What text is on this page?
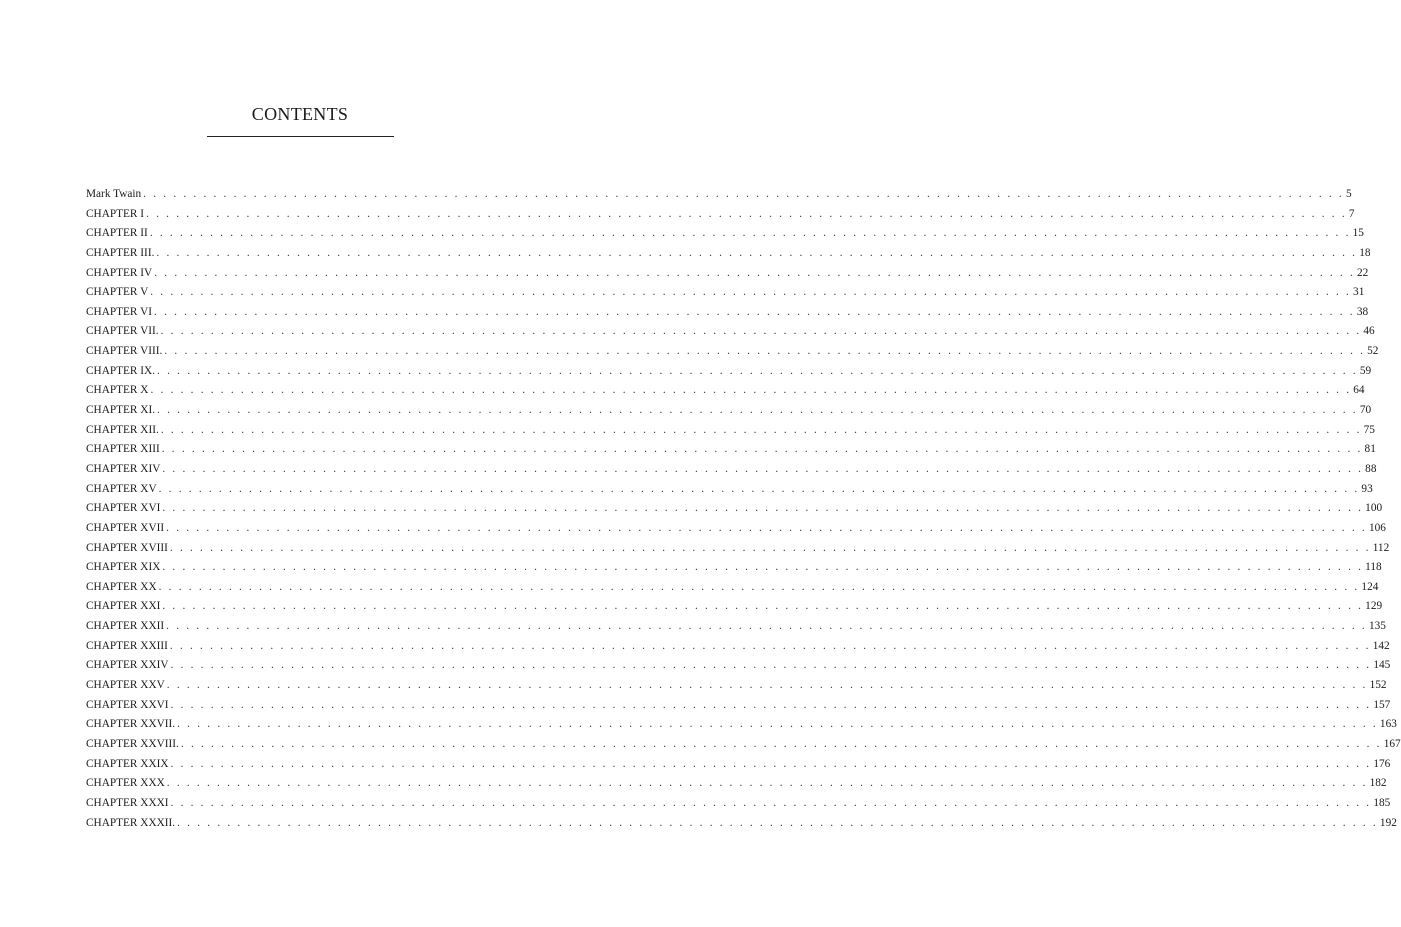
CONTENTS
Mark Twain . . . . . . . . . . . . . . . . . . . . . . . . . . . . . . . . . . . . . . . . . . . . . . . . . . . . . . . . . . . . . . . . . . . . . . . . . . . . . . . . . . . . . . . . . . . . . . . . . . . . . . . . . . . . . . . . . . . . . . . . 5
CHAPTER I . . . . . . . . . . . . . . . . . . . . . . . . . . . . . . . . . . . . . . . . . . . . . . . . . . . . . . . . . . . . . . . . . . . . . . . . . . . . . . . . . . . . . . . . . . . . . . . . . . . . . . . . . . . . . . . . . . . . . . . . 7
CHAPTER II . . . . . . . . . . . . . . . . . . . . . . . . . . . . . . . . . . . . . . . . . . . . . . . . . . . . . . . . . . . . . . . . . . . . . . . . . . . . . . . . . . . . . . . . . . . . . . . . . . . . . . . . . . . . . . . . . . . . . . . . 15
CHAPTER III. . . . . . . . . . . . . . . . . . . . . . . . . . . . . . . . . . . . . . . . . . . . . . . . . . . . . . . . . . . . . . . . . . . . . . . . . . . . . . . . . . . . . . . . . . . . . . . . . . . . . . . . . . . . . . . . . . . . . . . . . 18
CHAPTER IV . . . . . . . . . . . . . . . . . . . . . . . . . . . . . . . . . . . . . . . . . . . . . . . . . . . . . . . . . . . . . . . . . . . . . . . . . . . . . . . . . . . . . . . . . . . . . . . . . . . . . . . . . . . . . . . . . . . . . . . . 22
CHAPTER V . . . . . . . . . . . . . . . . . . . . . . . . . . . . . . . . . . . . . . . . . . . . . . . . . . . . . . . . . . . . . . . . . . . . . . . . . . . . . . . . . . . . . . . . . . . . . . . . . . . . . . . . . . . . . . . . . . . . . . . . 31
CHAPTER VI . . . . . . . . . . . . . . . . . . . . . . . . . . . . . . . . . . . . . . . . . . . . . . . . . . . . . . . . . . . . . . . . . . . . . . . . . . . . . . . . . . . . . . . . . . . . . . . . . . . . . . . . . . . . . . . . . . . . . . . . 38
CHAPTER VII. . . . . . . . . . . . . . . . . . . . . . . . . . . . . . . . . . . . . . . . . . . . . . . . . . . . . . . . . . . . . . . . . . . . . . . . . . . . . . . . . . . . . . . . . . . . . . . . . . . . . . . . . . . . . . . . . . . . . . . . . 46
CHAPTER VIII. . . . . . . . . . . . . . . . . . . . . . . . . . . . . . . . . . . . . . . . . . . . . . . . . . . . . . . . . . . . . . . . . . . . . . . . . . . . . . . . . . . . . . . . . . . . . . . . . . . . . . . . . . . . . . . . . . . . . . . . . 52
CHAPTER IX. . . . . . . . . . . . . . . . . . . . . . . . . . . . . . . . . . . . . . . . . . . . . . . . . . . . . . . . . . . . . . . . . . . . . . . . . . . . . . . . . . . . . . . . . . . . . . . . . . . . . . . . . . . . . . . . . . . . . . . . . 59
CHAPTER X . . . . . . . . . . . . . . . . . . . . . . . . . . . . . . . . . . . . . . . . . . . . . . . . . . . . . . . . . . . . . . . . . . . . . . . . . . . . . . . . . . . . . . . . . . . . . . . . . . . . . . . . . . . . . . . . . . . . . . . . 64
CHAPTER XI. . . . . . . . . . . . . . . . . . . . . . . . . . . . . . . . . . . . . . . . . . . . . . . . . . . . . . . . . . . . . . . . . . . . . . . . . . . . . . . . . . . . . . . . . . . . . . . . . . . . . . . . . . . . . . . . . . . . . . . . . 70
CHAPTER XII. . . . . . . . . . . . . . . . . . . . . . . . . . . . . . . . . . . . . . . . . . . . . . . . . . . . . . . . . . . . . . . . . . . . . . . . . . . . . . . . . . . . . . . . . . . . . . . . . . . . . . . . . . . . . . . . . . . . . . . . . 75
CHAPTER XIII . . . . . . . . . . . . . . . . . . . . . . . . . . . . . . . . . . . . . . . . . . . . . . . . . . . . . . . . . . . . . . . . . . . . . . . . . . . . . . . . . . . . . . . . . . . . . . . . . . . . . . . . . . . . . . . . . . . . . . . . 81
CHAPTER XIV . . . . . . . . . . . . . . . . . . . . . . . . . . . . . . . . . . . . . . . . . . . . . . . . . . . . . . . . . . . . . . . . . . . . . . . . . . . . . . . . . . . . . . . . . . . . . . . . . . . . . . . . . . . . . . . . . . . . . . . . 88
CHAPTER XV . . . . . . . . . . . . . . . . . . . . . . . . . . . . . . . . . . . . . . . . . . . . . . . . . . . . . . . . . . . . . . . . . . . . . . . . . . . . . . . . . . . . . . . . . . . . . . . . . . . . . . . . . . . . . . . . . . . . . . . . 93
CHAPTER XVI . . . . . . . . . . . . . . . . . . . . . . . . . . . . . . . . . . . . . . . . . . . . . . . . . . . . . . . . . . . . . . . . . . . . . . . . . . . . . . . . . . . . . . . . . . . . . . . . . . . . . . . . . . . . . . . . . . . . . . . . 100
CHAPTER XVII . . . . . . . . . . . . . . . . . . . . . . . . . . . . . . . . . . . . . . . . . . . . . . . . . . . . . . . . . . . . . . . . . . . . . . . . . . . . . . . . . . . . . . . . . . . . . . . . . . . . . . . . . . . . . . . . . . . . . . . . 106
CHAPTER XVIII . . . . . . . . . . . . . . . . . . . . . . . . . . . . . . . . . . . . . . . . . . . . . . . . . . . . . . . . . . . . . . . . . . . . . . . . . . . . . . . . . . . . . . . . . . . . . . . . . . . . . . . . . . . . . . . . . . . . . . . . 112
CHAPTER XIX . . . . . . . . . . . . . . . . . . . . . . . . . . . . . . . . . . . . . . . . . . . . . . . . . . . . . . . . . . . . . . . . . . . . . . . . . . . . . . . . . . . . . . . . . . . . . . . . . . . . . . . . . . . . . . . . . . . . . . . . 118
CHAPTER XX . . . . . . . . . . . . . . . . . . . . . . . . . . . . . . . . . . . . . . . . . . . . . . . . . . . . . . . . . . . . . . . . . . . . . . . . . . . . . . . . . . . . . . . . . . . . . . . . . . . . . . . . . . . . . . . . . . . . . . . . 124
CHAPTER XXI . . . . . . . . . . . . . . . . . . . . . . . . . . . . . . . . . . . . . . . . . . . . . . . . . . . . . . . . . . . . . . . . . . . . . . . . . . . . . . . . . . . . . . . . . . . . . . . . . . . . . . . . . . . . . . . . . . . . . . . . 129
CHAPTER XXII . . . . . . . . . . . . . . . . . . . . . . . . . . . . . . . . . . . . . . . . . . . . . . . . . . . . . . . . . . . . . . . . . . . . . . . . . . . . . . . . . . . . . . . . . . . . . . . . . . . . . . . . . . . . . . . . . . . . . . . . 135
CHAPTER XXIII . . . . . . . . . . . . . . . . . . . . . . . . . . . . . . . . . . . . . . . . . . . . . . . . . . . . . . . . . . . . . . . . . . . . . . . . . . . . . . . . . . . . . . . . . . . . . . . . . . . . . . . . . . . . . . . . . . . . . . . . 142
CHAPTER XXIV . . . . . . . . . . . . . . . . . . . . . . . . . . . . . . . . . . . . . . . . . . . . . . . . . . . . . . . . . . . . . . . . . . . . . . . . . . . . . . . . . . . . . . . . . . . . . . . . . . . . . . . . . . . . . . . . . . . . . . . . 145
CHAPTER XXV . . . . . . . . . . . . . . . . . . . . . . . . . . . . . . . . . . . . . . . . . . . . . . . . . . . . . . . . . . . . . . . . . . . . . . . . . . . . . . . . . . . . . . . . . . . . . . . . . . . . . . . . . . . . . . . . . . . . . . . . 152
CHAPTER XXVI . . . . . . . . . . . . . . . . . . . . . . . . . . . . . . . . . . . . . . . . . . . . . . . . . . . . . . . . . . . . . . . . . . . . . . . . . . . . . . . . . . . . . . . . . . . . . . . . . . . . . . . . . . . . . . . . . . . . . . . . 157
CHAPTER XXVII. . . . . . . . . . . . . . . . . . . . . . . . . . . . . . . . . . . . . . . . . . . . . . . . . . . . . . . . . . . . . . . . . . . . . . . . . . . . . . . . . . . . . . . . . . . . . . . . . . . . . . . . . . . . . . . . . . . . . . . . . 163
CHAPTER XXVIII. . . . . . . . . . . . . . . . . . . . . . . . . . . . . . . . . . . . . . . . . . . . . . . . . . . . . . . . . . . . . . . . . . . . . . . . . . . . . . . . . . . . . . . . . . . . . . . . . . . . . . . . . . . . . . . . . . . . . . . . . 167
CHAPTER XXIX . . . . . . . . . . . . . . . . . . . . . . . . . . . . . . . . . . . . . . . . . . . . . . . . . . . . . . . . . . . . . . . . . . . . . . . . . . . . . . . . . . . . . . . . . . . . . . . . . . . . . . . . . . . . . . . . . . . . . . . . 176
CHAPTER XXX . . . . . . . . . . . . . . . . . . . . . . . . . . . . . . . . . . . . . . . . . . . . . . . . . . . . . . . . . . . . . . . . . . . . . . . . . . . . . . . . . . . . . . . . . . . . . . . . . . . . . . . . . . . . . . . . . . . . . . . . 182
CHAPTER XXXI . . . . . . . . . . . . . . . . . . . . . . . . . . . . . . . . . . . . . . . . . . . . . . . . . . . . . . . . . . . . . . . . . . . . . . . . . . . . . . . . . . . . . . . . . . . . . . . . . . . . . . . . . . . . . . . . . . . . . . . . 185
CHAPTER XXXII. . . . . . . . . . . . . . . . . . . . . . . . . . . . . . . . . . . . . . . . . . . . . . . . . . . . . . . . . . . . . . . . . . . . . . . . . . . . . . . . . . . . . . . . . . . . . . . . . . . . . . . . . . . . . . . . . . . . . . . . . 192
